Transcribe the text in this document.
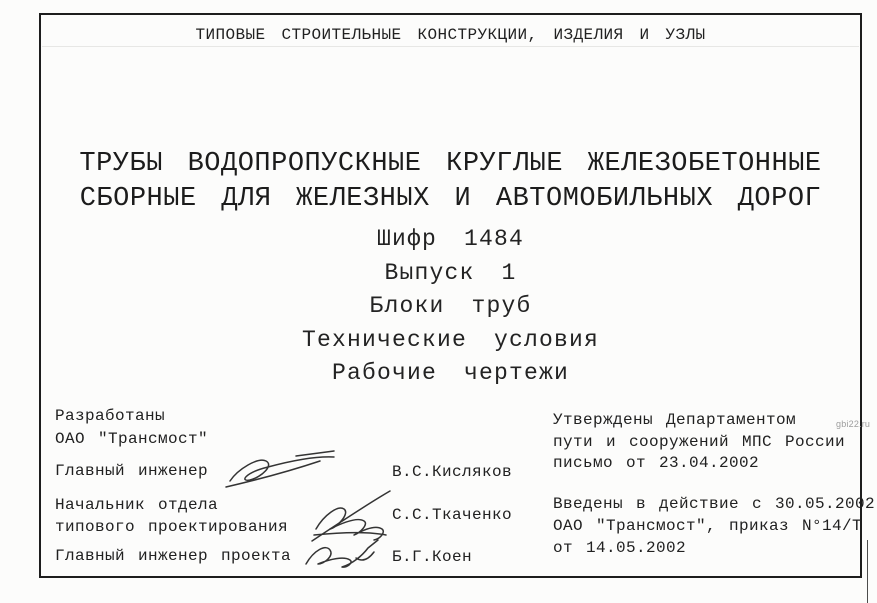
ТИПОВЫЕ СТРОИТЕЛЬНЫЕ КОНСТРУКЦИИ, ИЗДЕЛИЯ И УЗЛЫ
ТРУБЫ ВОДОПРОПУСКНЫЕ КРУГЛЫЕ ЖЕЛЕЗОБЕТОННЫЕ
СБОРНЫЕ ДЛЯ ЖЕЛЕЗНЫХ И АВТОМОБИЛЬНЫХ ДОРОГ
Шифр 1484
Выпуск 1
Блоки труб
Технические условия
Рабочие чертежи
Разработаны
ОАО "Трансмост"
Главный инженер	В.С.Кисляков
Начальник отдела
типового проектирования
С.С.Ткаченко
Главный инженер проекта	Б.Г.Коен
Утверждены Департаментом
пути и сооружений МПС России
письмо от 23.04.2002
Введены в действие с 30.05.2002
ОАО "Трансмост", приказ N°14/Т
от 14.05.2002
gbi22.ru
